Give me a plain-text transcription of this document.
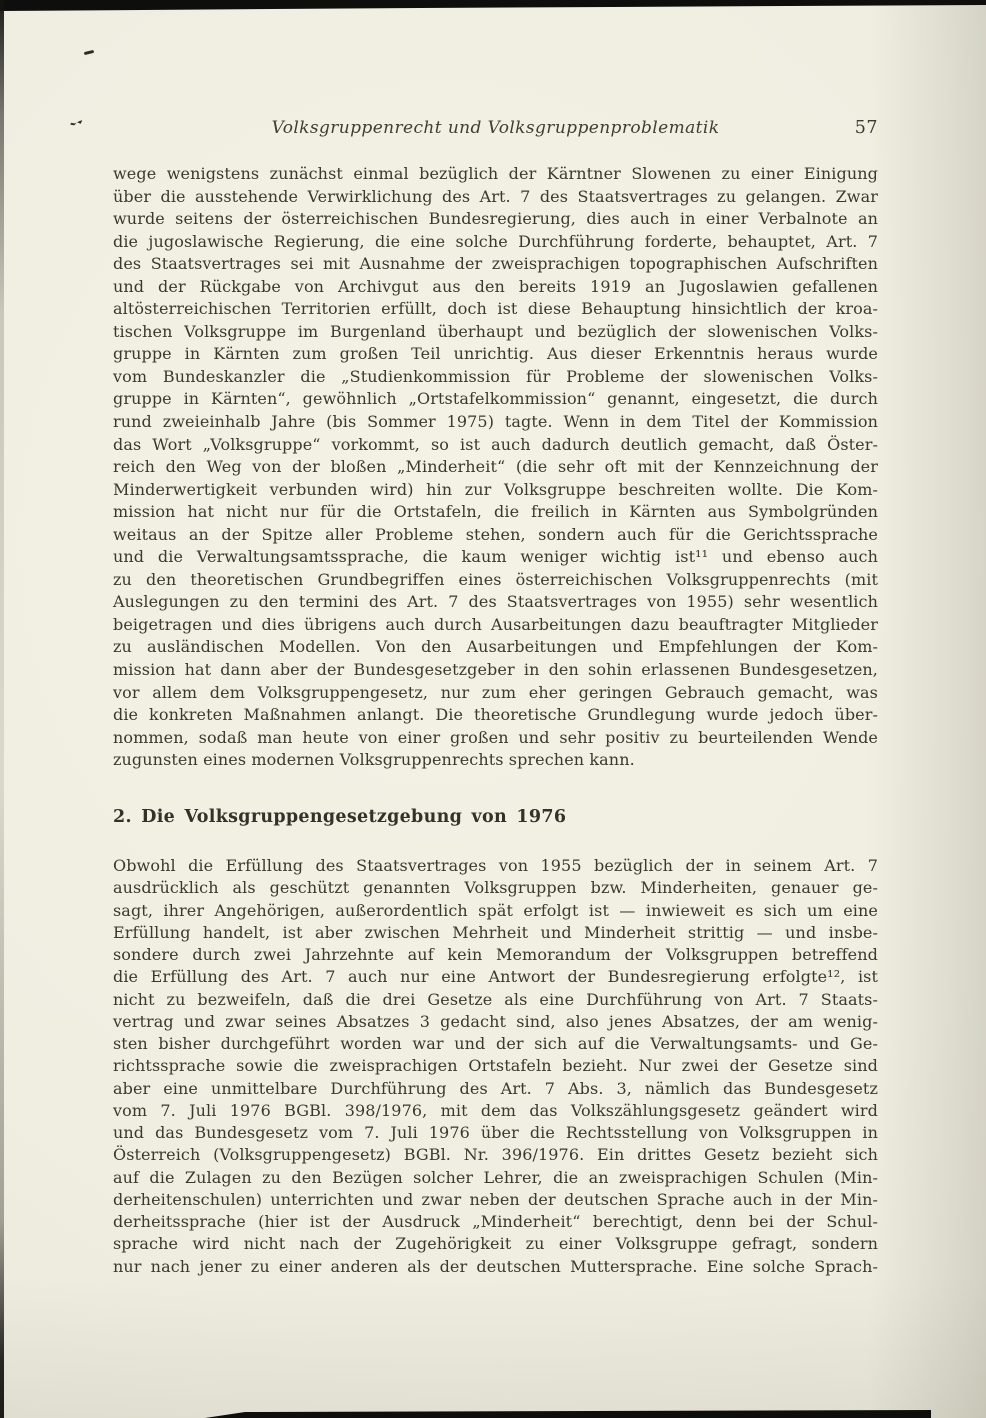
Volksgruppenrecht und Volksgruppenproblematik	57
wege wenigstens zunächst einmal bezüglich der Kärntner Slowenen zu einer Einigung
über die ausstehende Verwirklichung des Art. 7 des Staatsvertrages zu gelangen. Zwar
wurde seitens der österreichischen Bundesregierung, dies auch in einer Verbalnote an
die jugoslawische Regierung, die eine solche Durchführung forderte, behauptet, Art. 7
des Staatsvertrages sei mit Ausnahme der zweisprachigen topographischen Aufschriften
und der Rückgabe von Archivgut aus den bereits 1919 an Jugoslawien gefallenen
altösterreichischen Territorien erfüllt, doch ist diese Behauptung hinsichtlich der kroa-
tischen Volksgruppe im Burgenland überhaupt und bezüglich der slowenischen Volks-
gruppe in Kärnten zum großen Teil unrichtig. Aus dieser Erkenntnis heraus wurde
vom Bundeskanzler die „Studienkommission für Probleme der slowenischen Volks-
gruppe in Kärnten“, gewöhnlich „Ortstafelkommission“ genannt, eingesetzt, die durch
rund zweieinhalb Jahre (bis Sommer 1975) tagte. Wenn in dem Titel der Kommission
das Wort „Volksgruppe“ vorkommt, so ist auch dadurch deutlich gemacht, daß Öster-
reich den Weg von der bloßen „Minderheit“ (die sehr oft mit der Kennzeichnung der
Minderwertigkeit verbunden wird) hin zur Volksgruppe beschreiten wollte. Die Kom-
mission hat nicht nur für die Ortstafeln, die freilich in Kärnten aus Symbolgründen
weitaus an der Spitze aller Probleme stehen, sondern auch für die Gerichtssprache
und die Verwaltungsamtssprache, die kaum weniger wichtig ist¹¹ und ebenso auch
zu den theoretischen Grundbegriffen eines österreichischen Volksgruppenrechts (mit
Auslegungen zu den termini des Art. 7 des Staatsvertrages von 1955) sehr wesentlich
beigetragen und dies übrigens auch durch Ausarbeitungen dazu beauftragter Mitglieder
zu ausländischen Modellen. Von den Ausarbeitungen und Empfehlungen der Kom-
mission hat dann aber der Bundesgesetzgeber in den sohin erlassenen Bundesgesetzen,
vor allem dem Volksgruppengesetz, nur zum eher geringen Gebrauch gemacht, was
die konkreten Maßnahmen anlangt. Die theoretische Grundlegung wurde jedoch über-
nommen, sodaß man heute von einer großen und sehr positiv zu beurteilenden Wende
zugunsten eines modernen Volksgruppenrechts sprechen kann.
2. Die Volksgruppengesetzgebung von 1976
Obwohl die Erfüllung des Staatsvertrages von 1955 bezüglich der in seinem Art. 7
ausdrücklich als geschützt genannten Volksgruppen bzw. Minderheiten, genauer ge-
sagt, ihrer Angehörigen, außerordentlich spät erfolgt ist — inwieweit es sich um eine
Erfüllung handelt, ist aber zwischen Mehrheit und Minderheit strittig — und insbe-
sondere durch zwei Jahrzehnte auf kein Memorandum der Volksgruppen betreffend
die Erfüllung des Art. 7 auch nur eine Antwort der Bundesregierung erfolgte¹², ist
nicht zu bezweifeln, daß die drei Gesetze als eine Durchführung von Art. 7 Staats-
vertrag und zwar seines Absatzes 3 gedacht sind, also jenes Absatzes, der am wenig-
sten bisher durchgeführt worden war und der sich auf die Verwaltungsamts- und Ge-
richtssprache sowie die zweisprachigen Ortstafeln bezieht. Nur zwei der Gesetze sind
aber eine unmittelbare Durchführung des Art. 7 Abs. 3, nämlich das Bundesgesetz
vom 7. Juli 1976 BGBl. 398/1976, mit dem das Volkszählungsgesetz geändert wird
und das Bundesgesetz vom 7. Juli 1976 über die Rechtsstellung von Volksgruppen in
Österreich (Volksgruppengesetz) BGBl. Nr. 396/1976. Ein drittes Gesetz bezieht sich
auf die Zulagen zu den Bezügen solcher Lehrer, die an zweisprachigen Schulen (Min-
derheitenschulen) unterrichten und zwar neben der deutschen Sprache auch in der Min-
derheitssprache (hier ist der Ausdruck „Minderheit“ berechtigt, denn bei der Schul-
sprache wird nicht nach der Zugehörigkeit zu einer Volksgruppe gefragt, sondern
nur nach jener zu einer anderen als der deutschen Muttersprache. Eine solche Sprach-
